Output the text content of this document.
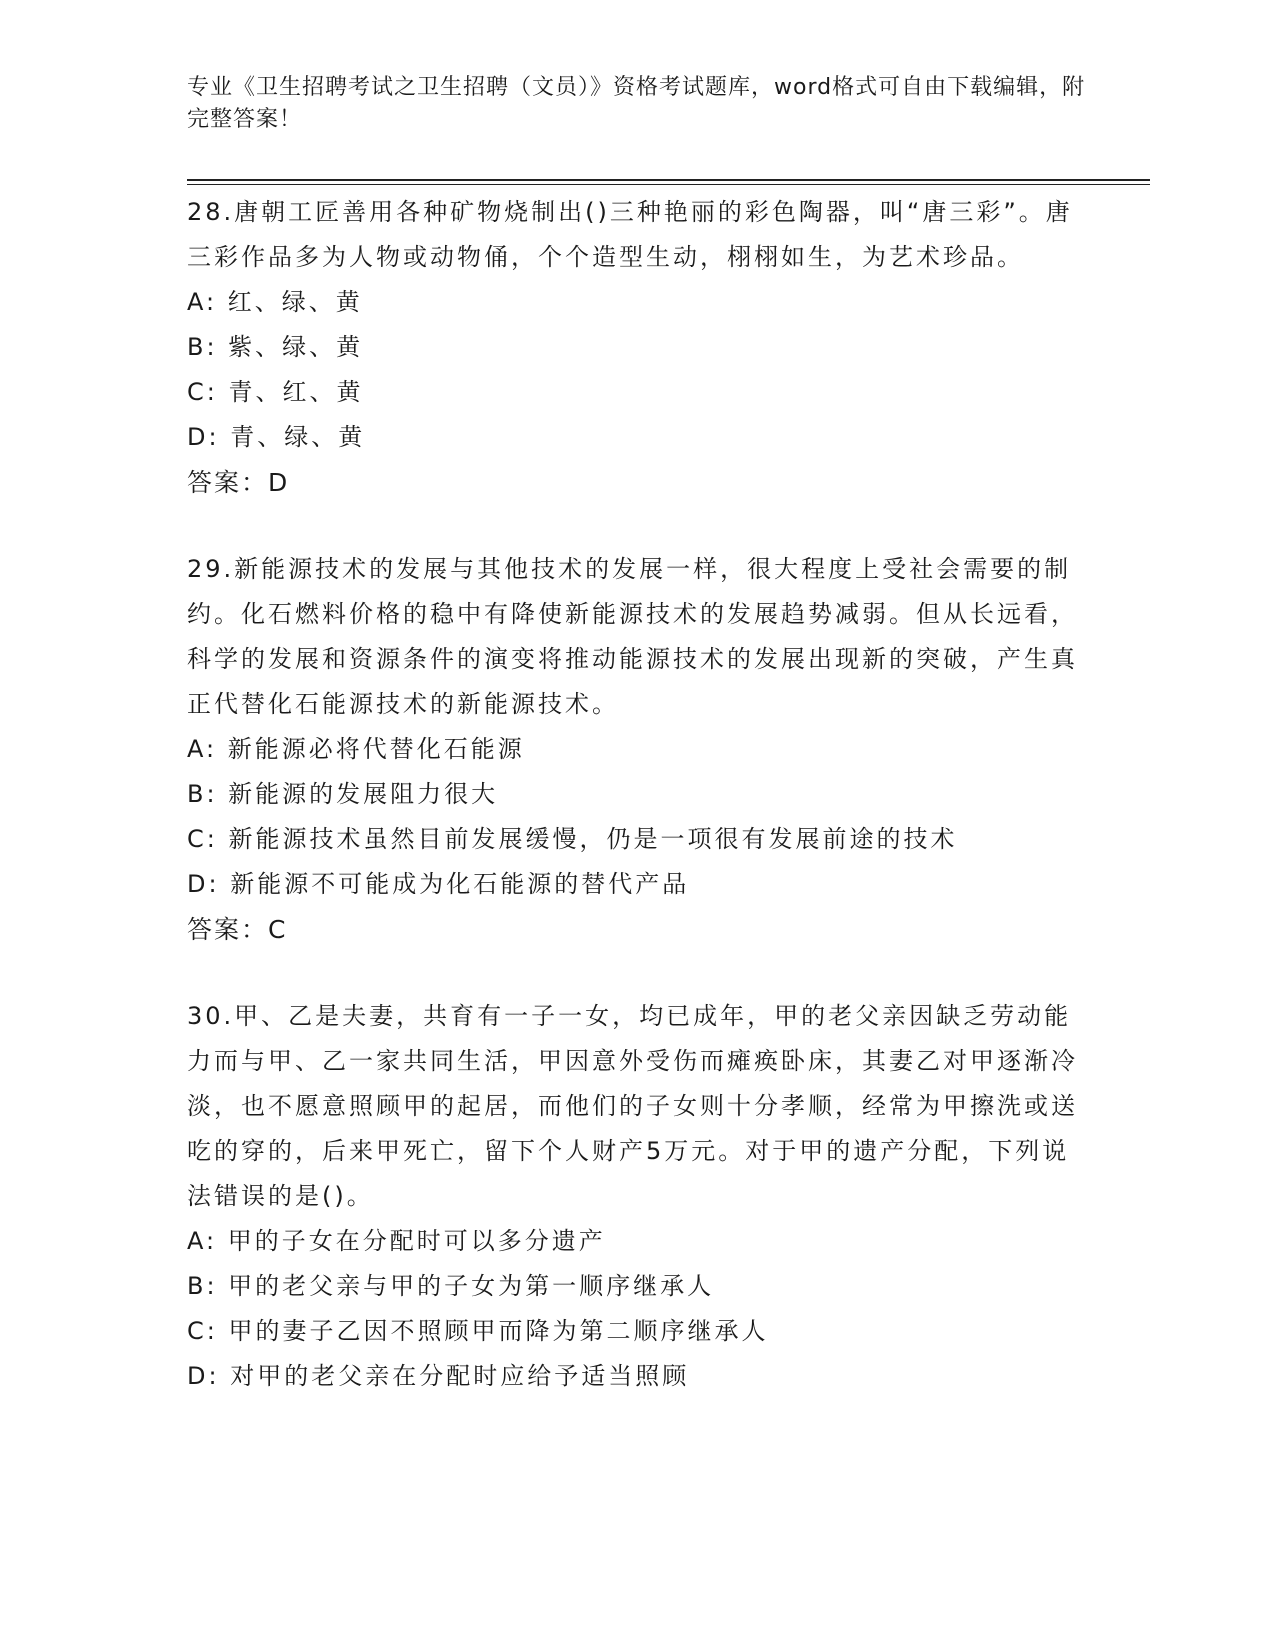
专业《卫生招聘考试之卫生招聘（文员）》资格考试题库，word格式可自由下载编辑，附完整答案！

28.唐朝工匠善用各种矿物烧制出()三种艳丽的彩色陶器，叫“唐三彩”。唐三彩作品多为人物或动物俑，个个造型生动，栩栩如生，为艺术珍品。

A: 红、绿、黄
B: 紫、绿、黄
C: 青、红、黄
D: 青、绿、黄

答案：D

29.新能源技术的发展与其他技术的发展一样，很大程度上受社会需要的制约。化石燃料价格的稳中有降使新能源技术的发展趋势减弱。但从长远看，科学的发展和资源条件的演变将推动能源技术的发展出现新的突破，产生真正代替化石能源技术的新能源技术。

A: 新能源必将代替化石能源
B: 新能源的发展阻力很大
C: 新能源技术虽然目前发展缓慢，仍是一项很有发展前途的技术
D: 新能源不可能成为化石能源的替代产品

答案：C

30.甲、乙是夫妻，共育有一子一女，均已成年，甲的老父亲因缺乏劳动能力而与甲、乙一家共同生活，甲因意外受伤而瘫痪卧床，其妻乙对甲逐渐冷淡，也不愿意照顾甲的起居，而他们的子女则十分孝顺，经常为甲擦洗或送吃的穿的，后来甲死亡，留下个人财产5万元。对于甲的遗产分配，下列说法错误的是()。

A: 甲的子女在分配时可以多分遗产
B: 甲的老父亲与甲的子女为第一顺序继承人
C: 甲的妻子乙因不照顾甲而降为第二顺序继承人
D: 对甲的老父亲在分配时应给予适当照顾
